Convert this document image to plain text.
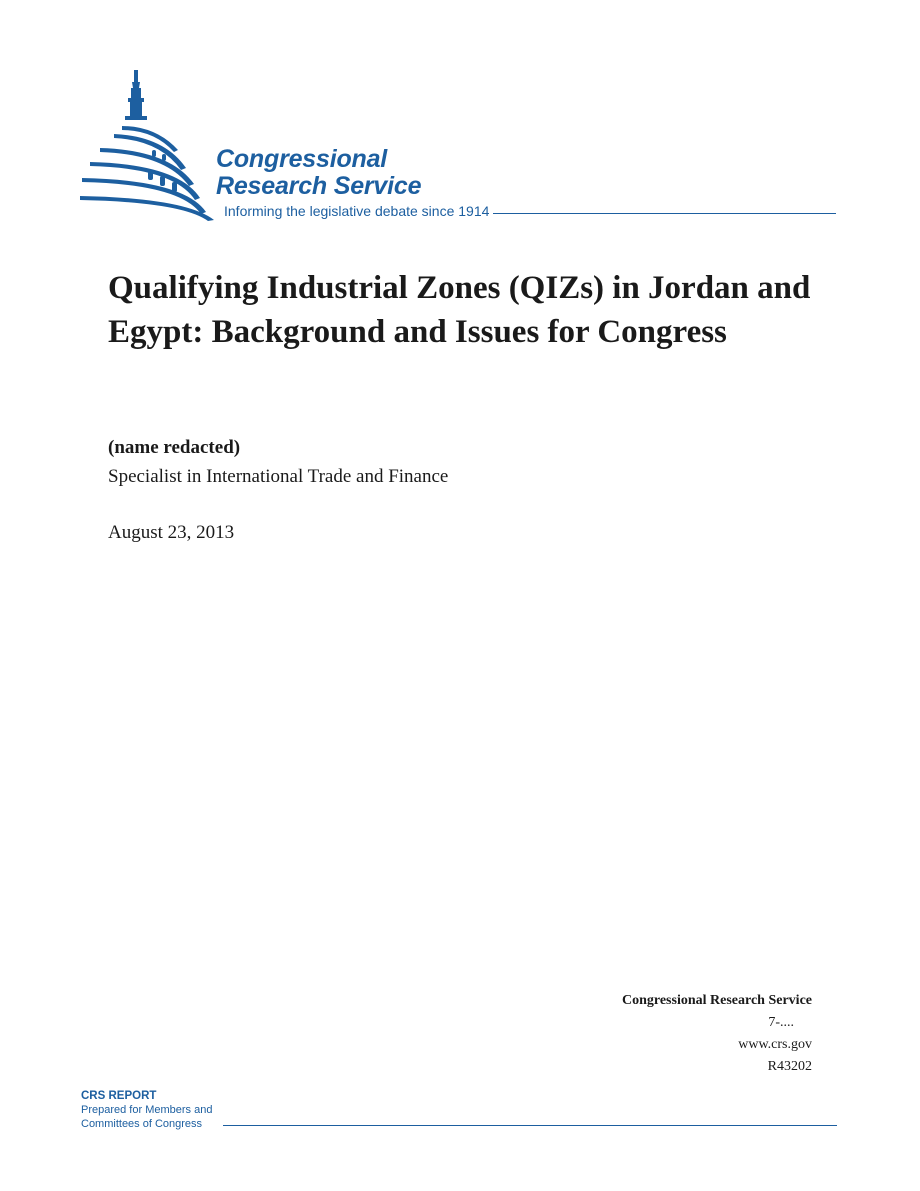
Congressional
Research Service
Informing the legislative debate since 1914
Qualifying Industrial Zones (QIZs) in Jordan and Egypt: Background and Issues for Congress
(name redacted)
Specialist in International Trade and Finance
August 23, 2013
Congressional Research Service
7-....
www.crs.gov
R43202
CRS REPORT
Prepared for Members and
Committees of Congress
